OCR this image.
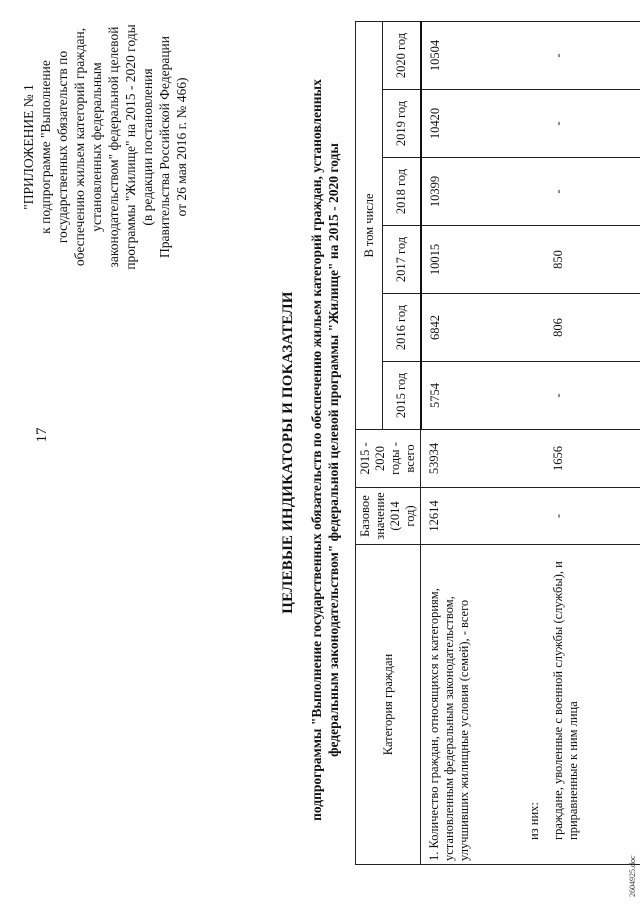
17
"ПРИЛОЖЕНИЕ № 1 к подпрограмме "Выполнение государственных обязательств по обеспечению жильем категорий граждан, установленных федеральным законодательством" федеральной целевой программы "Жилище" на 2015 - 2020 годы (в редакции постановления Правительства Российской Федерации от 26 мая 2016 г. № 466)
ЦЕЛЕВЫЕ ИНДИКАТОРЫ И ПОКАЗАТЕЛИ подпрограммы "Выполнение государственных обязательств по обеспечению жильем категорий граждан, установленных федеральным законодательством" федеральной целевой программы "Жилище" на 2015 - 2020 годы	Категория граждан	Базовое значение (2014 год)	2015 - 2020 годы - всего	В том числе					
			2015 год	2016 год	2017 год	2018 год	2019 год	2020 год
1. Количество граждан, относящихся к категориям, установленным федеральным законодательством, улучшивших жилищные условия (семей), - всего	12614	53934	5754	6842	10015	10399	10420	10504
из них:								
граждане, уволенные с военной службы (службы), и приравненные к ним лица	-	1656	-	806	850	-	-	-
2604925.doc
